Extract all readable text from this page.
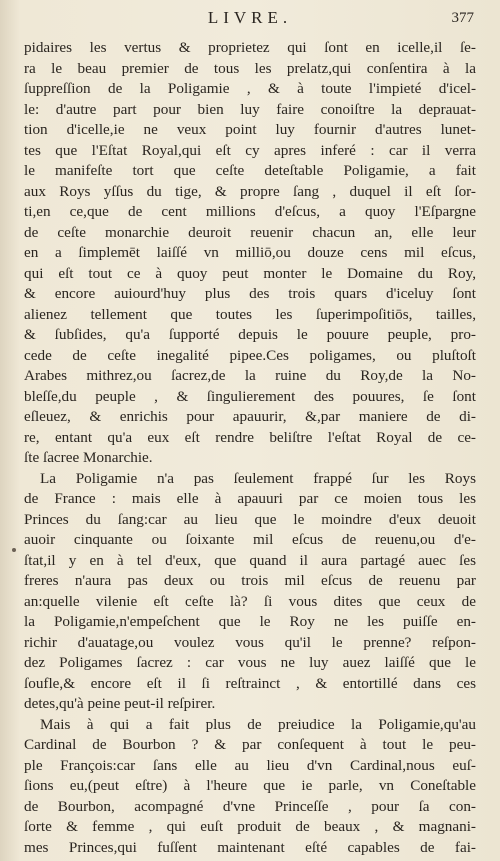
LIVRE.	377
pidaires les vertus & proprietez qui ſont en icelle,il ſe-
ra le beau premier de tous les prelatz,qui conſentira à la
ſuppreſſion de la Poligamie , & à toute l'impieté d'icel-
le: d'autre part pour bien luy faire conoiſtre la deprauat-
tion d'icelle,ie ne veux point luy fournir d'autres lunet-
tes que l'Eſtat Royal,qui eſt cy apres inferé : car il verra
le manifeſte tort que ceſte deteſtable Poligamie, a fait
aux Roys yſſus du tige, & propre ſang , duquel il eſt ſor-
ti,en ce,que de cent millions d'eſcus, a quoy l'Eſpargne
de ceſte monarchie deuroit reuenir chacun an, elle leur
en a ſimplemēt laiſſé vn milliō,ou douze cens mil eſcus,
qui eſt tout ce à quoy peut monter le Domaine du Roy,
& encore auiourd'huy plus des trois quars d'iceluy ſont
alienez tellement que toutes les ſuperimpoſitiōs, tailles,
& ſubſides, qu'a ſupporté depuis le pouure peuple, pro-
cede de ceſte inegalité pipee.Ces poligames, ou pluſtoſt
Arabes mithrez,ou ſacrez,de la ruine du Roy,de la No-
bleſſe,du peuple , & ſingulierement des pouures, ſe ſont
eſleuez, & enrichis pour apauurir, &,par maniere de di-
re, entant qu'a eux eſt rendre beliſtre l'eſtat Royal de ce-
ſte ſacree Monarchie.
La Poligamie n'a pas ſeulement frappé ſur les Roys
de France : mais elle à apauuri par ce moien tous les
Princes du ſang:car au lieu que le moindre d'eux deuoit
auoir cinquante ou ſoixante mil eſcus de reuenu,ou d'e-
ſtat,il y en à tel d'eux, que quand il aura partagé auec ſes
freres n'aura pas deux ou trois mil eſcus de reuenu par
an:quelle vilenie eſt ceſte là? ſi vous dites que ceux de
la Poligamie,n'empeſchent que le Roy ne les puiſſe en-
richir d'auatage,ou voulez vous qu'il le prenne? reſpon-
dez Poligames ſacrez : car vous ne luy auez laiſſé que le
ſoufle,& encore eſt il ſi reſtrainct , & entortillé dans ces
detes,qu'à peine peut-il reſpirer.
Mais à qui a fait plus de preiudice la Poligamie,qu'au
Cardinal de Bourbon ? & par conſequent à tout le peu-
ple François:car ſans elle au lieu d'vn Cardinal,nous euſ-
ſions eu,(peut eſtre) à l'heure que ie parle, vn Coneſtable
de Bourbon, acompagné d'vne Princeſſe , pour ſa con-
ſorte & femme , qui euſt produit de beaux , & magnani-
mes Princes,qui fuſſent maintenant eſté capables de fai-
